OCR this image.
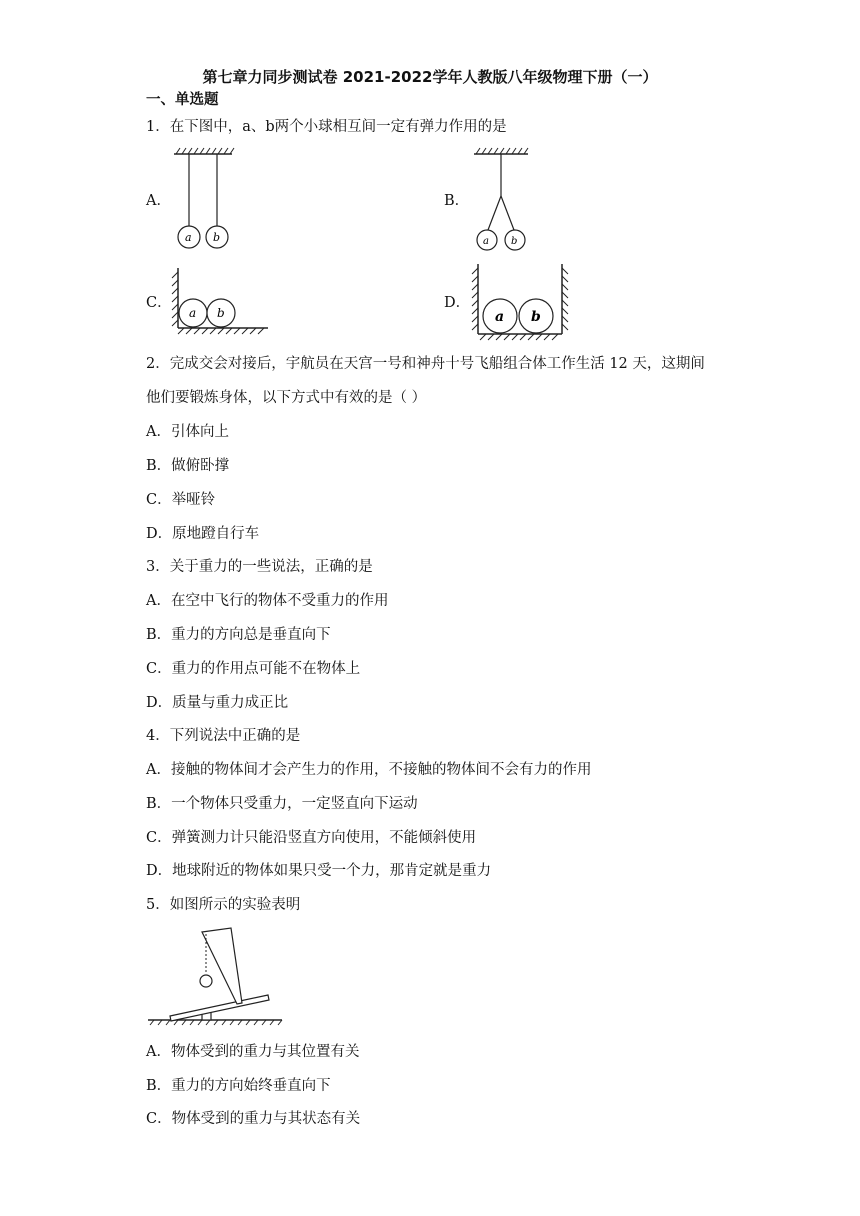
第七章力同步测试卷 2021-2022学年人教版八年级物理下册（一）
一、单选题
1．在下图中，a、b两个小球相互间一定有弹力作用的是
A．	B．
C．	D．
a b	a b
a b	a b
2．完成交会对接后，宇航员在天宫一号和神舟十号飞船组合体工作生活 12 天，这期间
他们要锻炼身体，以下方式中有效的是（ ）
A．引体向上
B．做俯卧撑
C．举哑铃
D．原地蹬自行车
3．关于重力的一些说法，正确的是
A．在空中飞行的物体不受重力的作用
B．重力的方向总是垂直向下
C．重力的作用点可能不在物体上
D．质量与重力成正比
4．下列说法中正确的是
A．接触的物体间才会产生力的作用，不接触的物体间不会有力的作用
B．一个物体只受重力，一定竖直向下运动
C．弹簧测力计只能沿竖直方向使用，不能倾斜使用
D．地球附近的物体如果只受一个力，那肯定就是重力
5．如图所示的实验表明
A．物体受到的重力与其位置有关
B．重力的方向始终垂直向下
C．物体受到的重力与其状态有关
